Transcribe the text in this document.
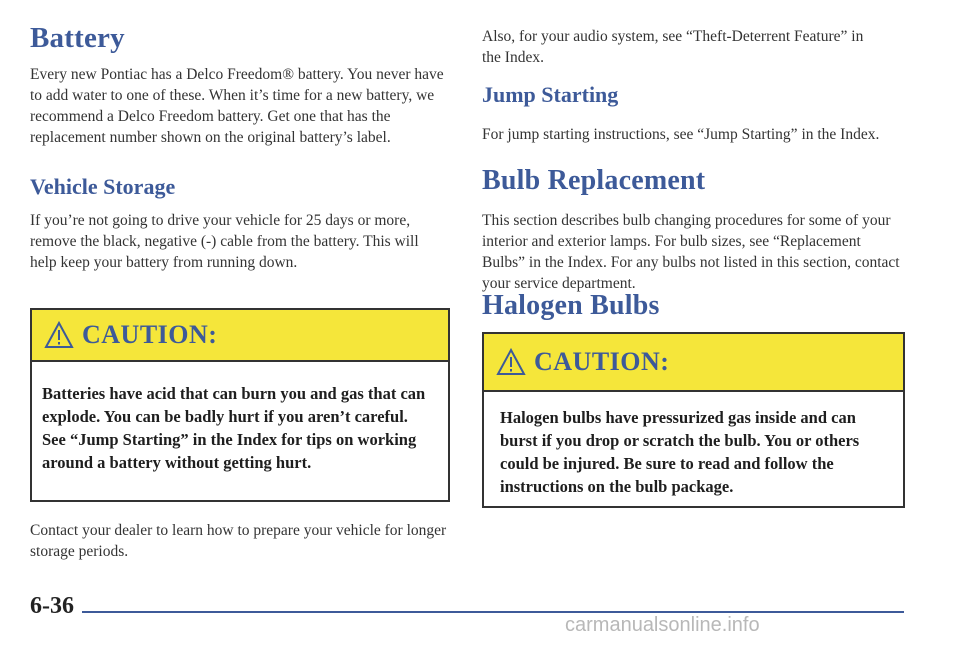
Battery

Every new Pontiac has a Delco Freedom® battery. You never have to add water to one of these. When it’s time for a new battery, we recommend a Delco Freedom battery. Get one that has the replacement number shown on the original battery’s label.

Vehicle Storage

If you’re not going to drive your vehicle for 25 days or more, remove the black, negative (-) cable from the battery. This will help keep your battery from running down.

CAUTION:
Batteries have acid that can burn you and gas that can explode. You can be badly hurt if you aren’t careful. See “Jump Starting” in the Index for tips on working around a battery without getting hurt.

Contact your dealer to learn how to prepare your vehicle for longer storage periods.

Also, for your audio system, see “Theft-Deterrent Feature” in the Index.

Jump Starting

For jump starting instructions, see “Jump Starting” in the Index.

Bulb Replacement

This section describes bulb changing procedures for some of your interior and exterior lamps. For bulb sizes, see “Replacement Bulbs” in the Index. For any bulbs not listed in this section, contact your service department.

Halogen Bulbs
CAUTION:
Halogen bulbs have pressurized gas inside and can burst if you drop or scratch the bulb. You or others could be injured. Be sure to read and follow the instructions on the bulb package.
6-36
carmanualsonline.info
